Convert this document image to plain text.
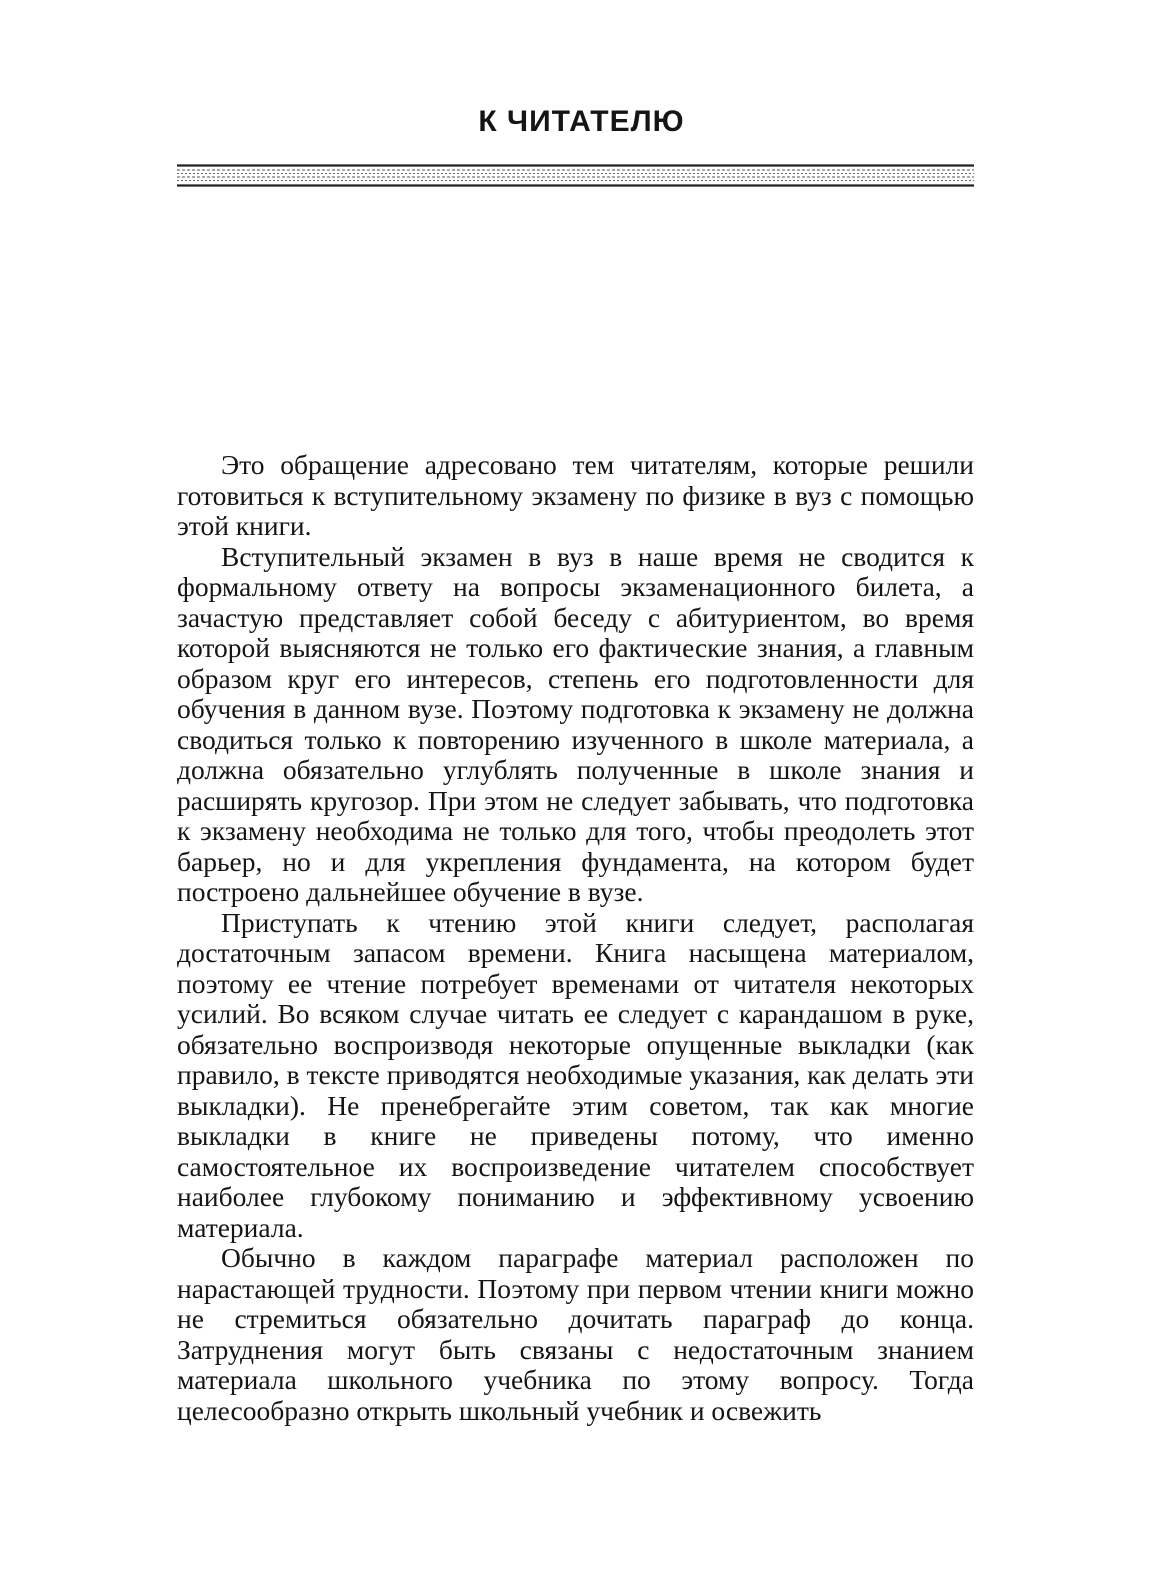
К ЧИТАТЕЛЮ

Это обращение адресовано тем читателям, которые решили готовиться к вступительному экзамену по физике в вуз с помощью этой книги.

Вступительный экзамен в вуз в наше время не сводится к формальному ответу на вопросы экзаменационного билета, а зачастую представляет собой беседу с абитуриентом, во время которой выясняются не только его фактические знания, а главным образом круг его интересов, степень его подготовленности для обучения в данном вузе. Поэтому подготовка к экзамену не должна сводиться только к повторению изученного в школе материала, а должна обязательно углублять полученные в школе знания и расширять кругозор. При этом не следует забывать, что подготовка к экзамену необходима не только для того, чтобы преодолеть этот барьер, но и для укрепления фундамента, на котором будет построено дальнейшее обучение в вузе.

Приступать к чтению этой книги следует, располагая достаточным запасом времени. Книга насыщена материалом, поэтому ее чтение потребует временами от читателя некоторых усилий. Во всяком случае читать ее следует с карандашом в руке, обязательно воспроизводя некоторые опущенные выкладки (как правило, в тексте приводятся необходимые указания, как делать эти выкладки). Не пренебрегайте этим советом, так как многие выкладки в книге не приведены потому, что именно самостоятельное их воспроизведение читателем способствует наиболее глубокому пониманию и эффективному усвоению материала.

Обычно в каждом параграфе материал расположен по нарастающей трудности. Поэтому при первом чтении книги можно не стремиться обязательно дочитать параграф до конца. Затруднения могут быть связаны с недостаточным знанием материала школьного учебника по этому вопросу. Тогда целесообразно открыть школьный учебник и освежить
